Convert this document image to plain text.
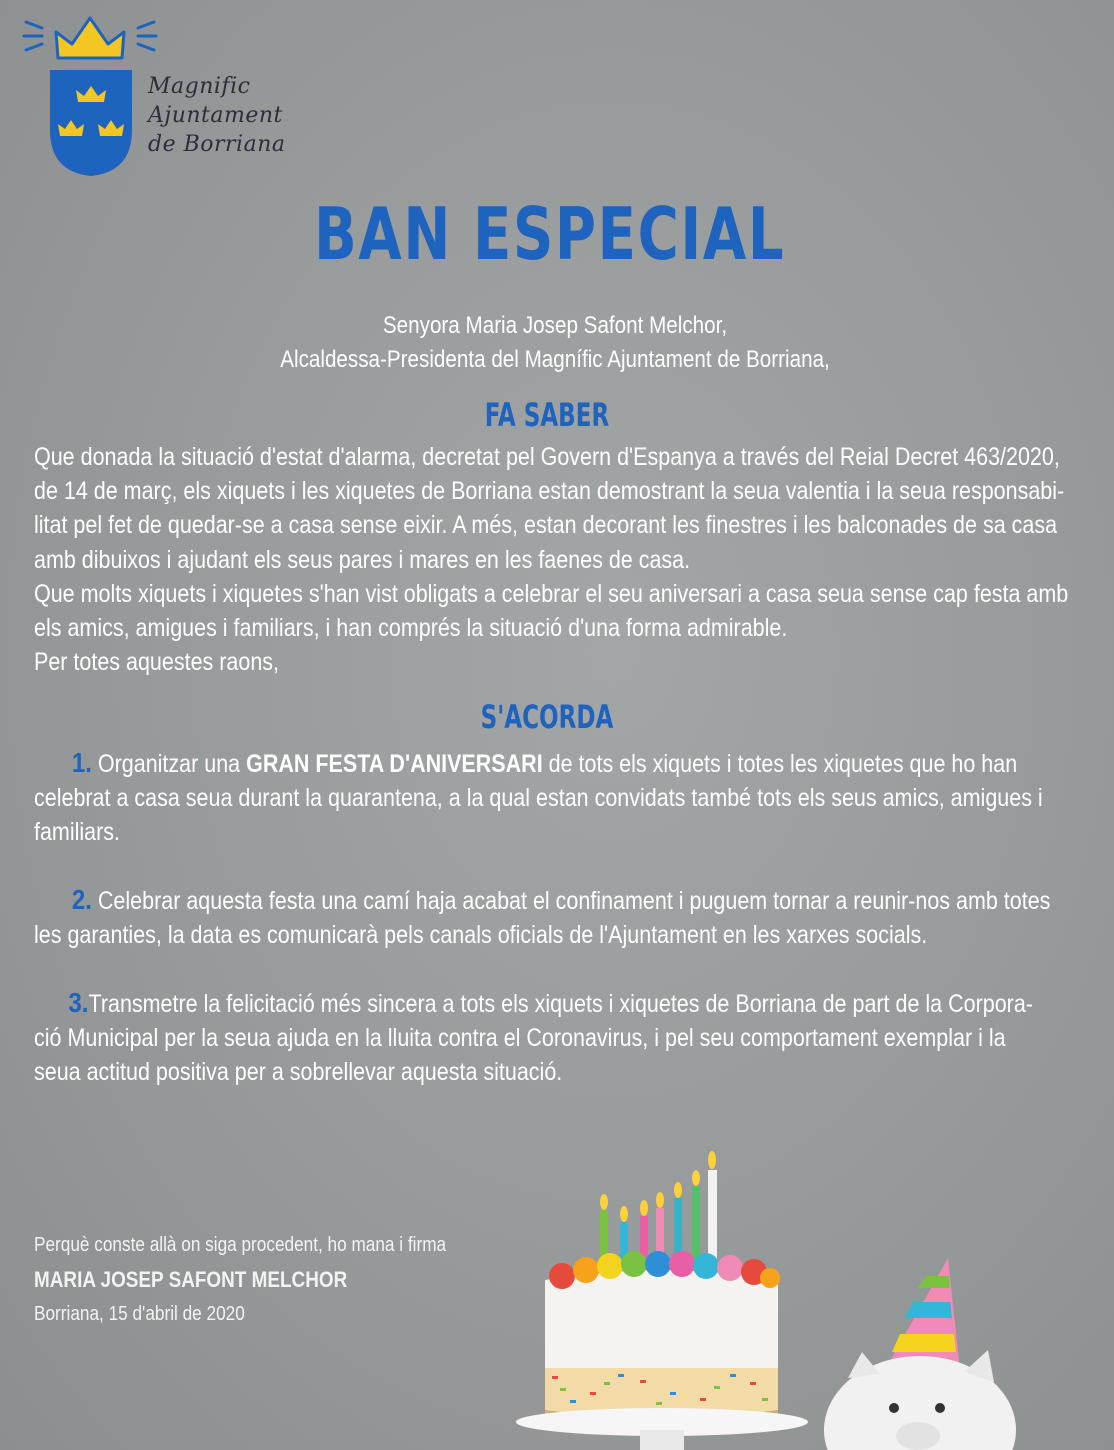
Magnific
Ajuntament
de Borriana
BAN ESPECIAL
Senyora Maria Josep Safont Melchor,
Alcaldessa-Presidenta del Magnífic Ajuntament de Borriana,
FA SABER
Que donada la situació d'estat d'alarma, decretat pel Govern d'Espanya a través del Reial Decret 463/2020,
de 14 de març, els xiquets i les xiquetes de Borriana estan demostrant la seua valentia i la seua responsabi-
litat pel fet de quedar-se a casa sense eixir. A més, estan decorant les finestres i les balconades de sa casa
amb dibuixos i ajudant els seus pares i mares en les faenes de casa.
Que molts xiquets i xiquetes s'han vist obligats a celebrar el seu aniversari a casa seua sense cap festa amb
els amics, amigues i familiars, i han comprés la situació d'una forma admirable.
Per totes aquestes raons,
S'ACORDA
1. Organitzar una GRAN FESTA D'ANIVERSARI de tots els xiquets i totes les xiquetes que ho han
celebrat a casa seua durant la quarantena, a la qual estan convidats també tots els seus amics, amigues i
familiars.
2. Celebrar aquesta festa una camí haja acabat el confinament i puguem tornar a reunir-nos amb totes
les garanties, la data es comunicarà pels canals oficials de l'Ajuntament en les xarxes socials.
3.Transmetre la felicitació més sincera a tots els xiquets i xiquetes de Borriana de part de la Corpora-
ció Municipal per la seua ajuda en la lluita contra el Coronavirus, i pel seu comportament exemplar i la
seua actitud positiva per a sobrellevar aquesta situació.
Perquè conste allà on siga procedent, ho mana i firma
MARIA JOSEP SAFONT MELCHOR
Borriana, 15 d'abril de 2020
